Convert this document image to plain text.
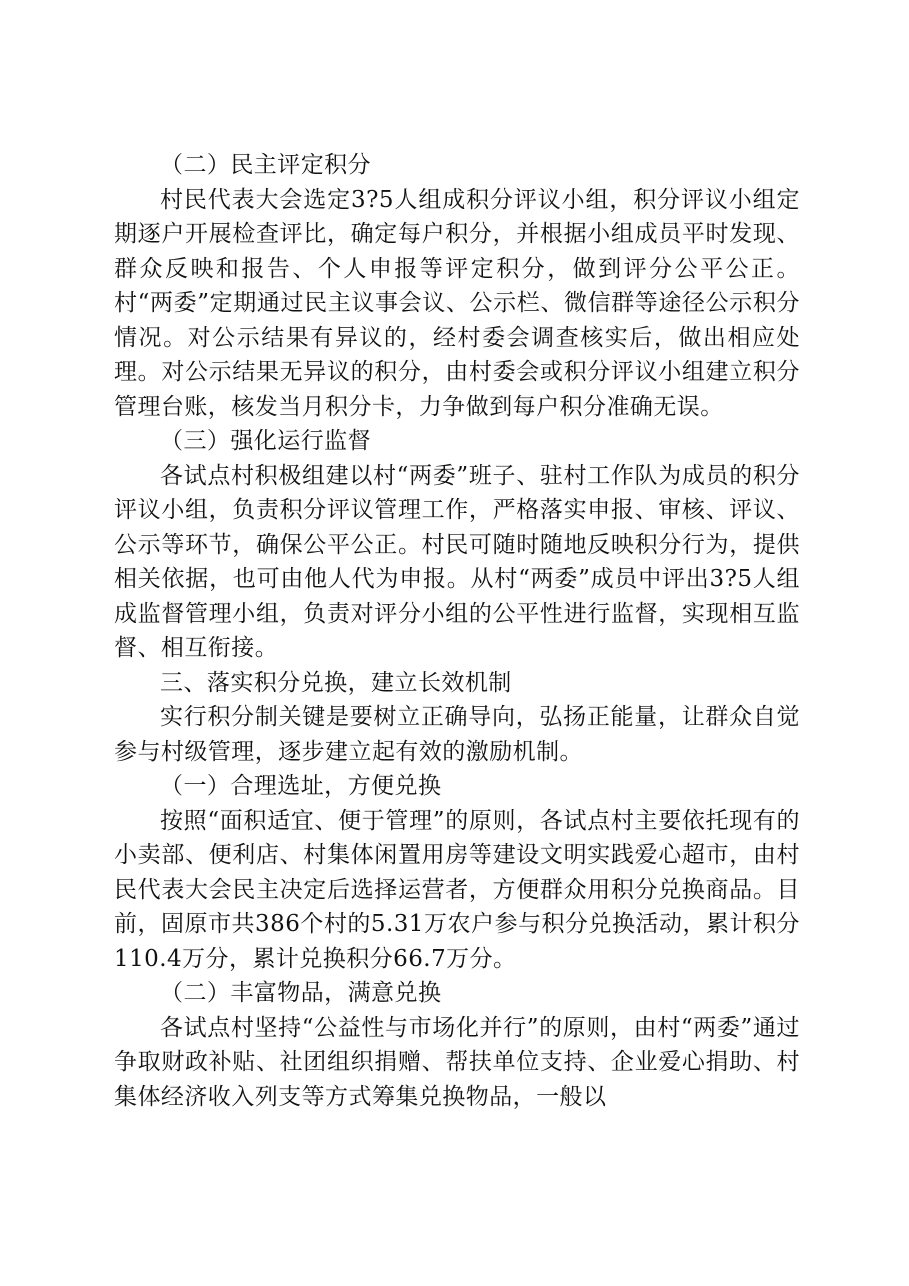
（二）民主评定积分

村民代表大会选定3?5人组成积分评议小组，积分评议小组定期逐户开展检查评比，确定每户积分，并根据小组成员平时发现、群众反映和报告、个人申报等评定积分，做到评分公平公正。村“两委”定期通过民主议事会议、公示栏、微信群等途径公示积分情况。对公示结果有异议的，经村委会调查核实后，做出相应处理。对公示结果无异议的积分，由村委会或积分评议小组建立积分管理台账，核发当月积分卡，力争做到每户积分准确无误。

（三）强化运行监督

各试点村积极组建以村“两委”班子、驻村工作队为成员的积分评议小组，负责积分评议管理工作，严格落实申报、审核、评议、公示等环节，确保公平公正。村民可随时随地反映积分行为，提供相关依据，也可由他人代为申报。从村“两委”成员中评出3?5人组成监督管理小组，负责对评分小组的公平性进行监督，实现相互监督、相互衔接。

三、落实积分兑换，建立长效机制

实行积分制关键是要树立正确导向，弘扬正能量，让群众自觉参与村级管理，逐步建立起有效的激励机制。

（一）合理选址，方便兑换

按照“面积适宜、便于管理”的原则，各试点村主要依托现有的小卖部、便利店、村集体闲置用房等建设文明实践爱心超市，由村民代表大会民主决定后选择运营者，方便群众用积分兑换商品。目前，固原市共386个村的5.31万农户参与积分兑换活动，累计积分110.4万分，累计兑换积分66.7万分。

（二）丰富物品，满意兑换

各试点村坚持“公益性与市场化并行”的原则，由村“两委”通过争取财政补贴、社团组织捐赠、帮扶单位支持、企业爱心捐助、村集体经济收入列支等方式筹集兑换物品，一般以
